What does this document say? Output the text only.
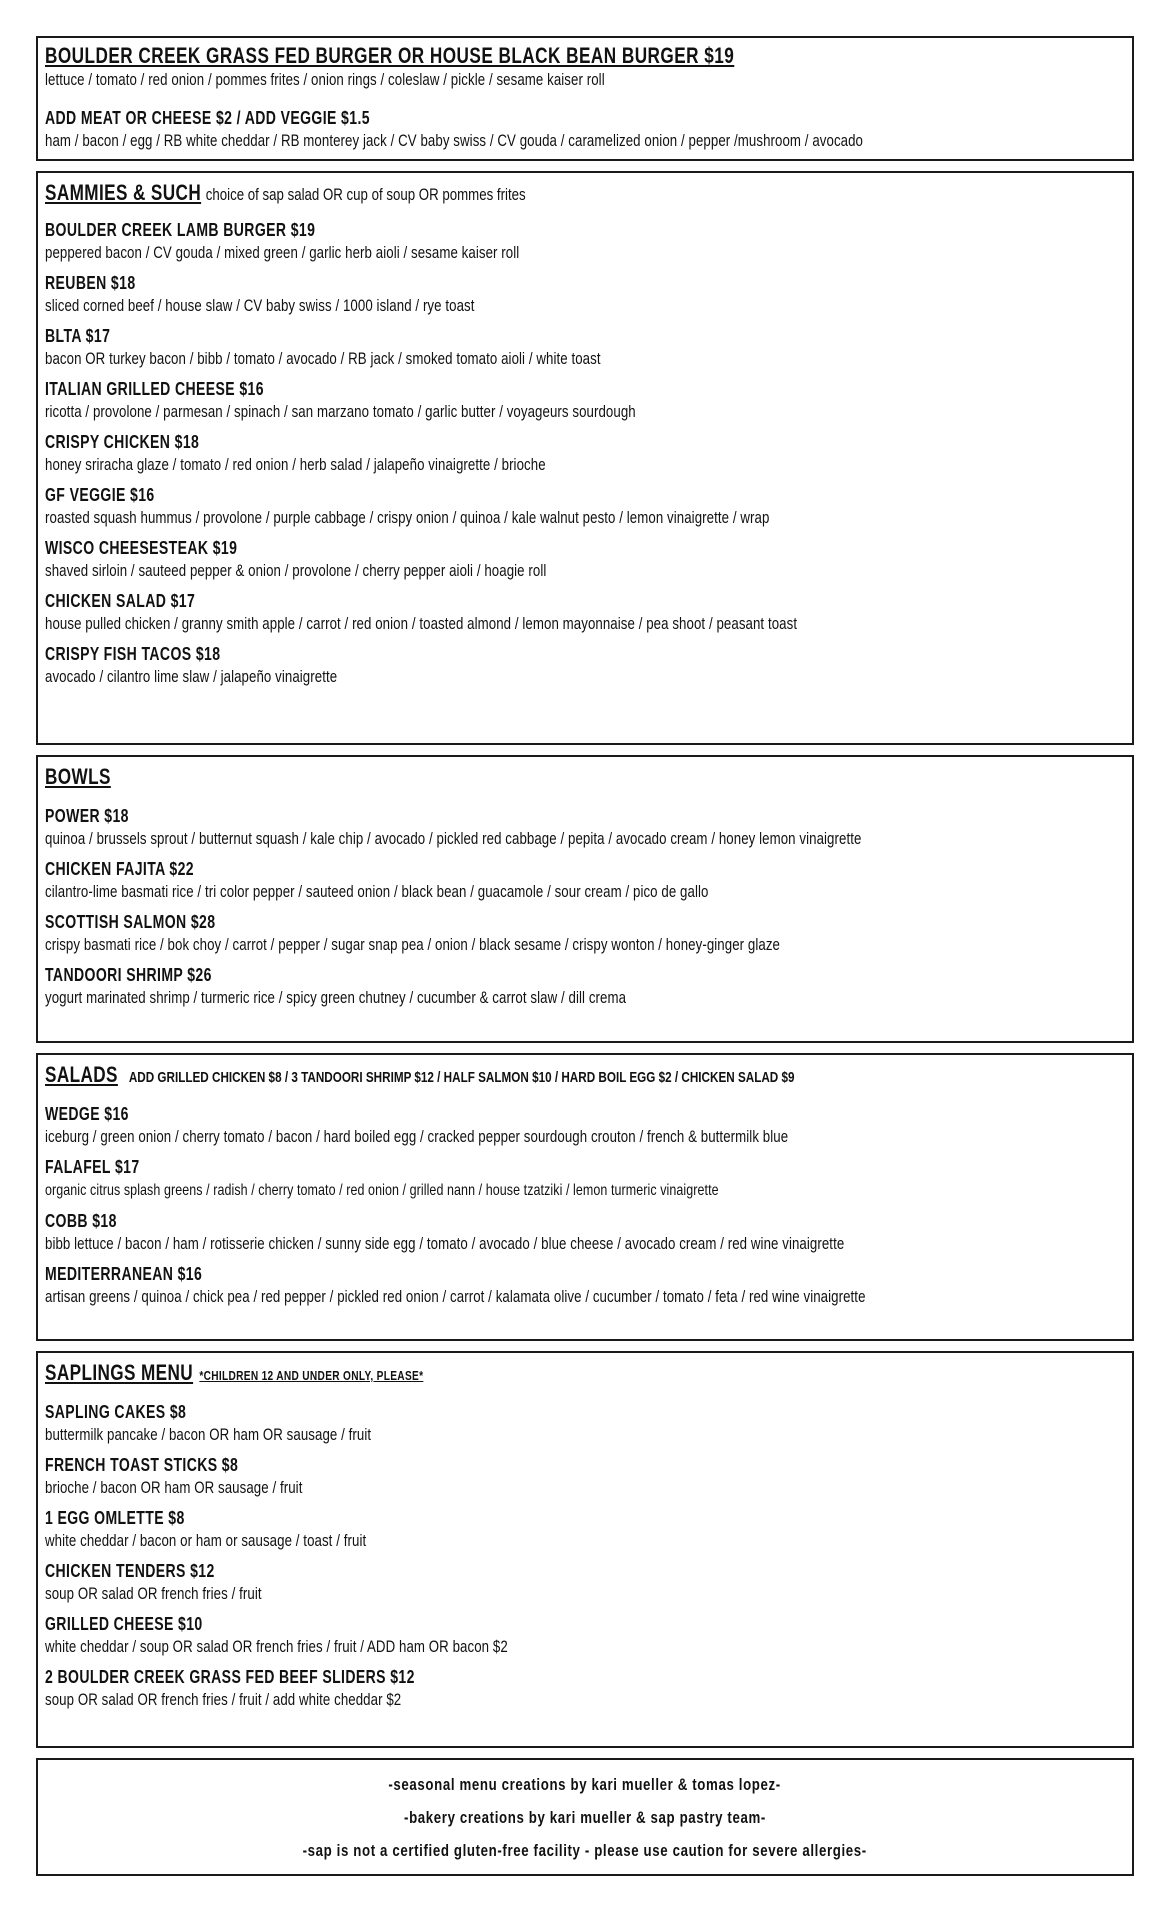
BOULDER CREEK GRASS FED BURGER OR HOUSE BLACK BEAN BURGER $19
lettuce / tomato / red onion / pommes frites / onion rings / coleslaw / pickle / sesame kaiser roll
ADD MEAT OR CHEESE $2 / ADD VEGGIE $1.5
ham / bacon / egg / RB white cheddar / RB monterey jack / CV baby swiss / CV gouda / caramelized onion / pepper /mushroom / avocado
SAMMIES & SUCH choice of sap salad OR cup of soup OR pommes frites
BOULDER CREEK LAMB BURGER $19
peppered bacon / CV gouda / mixed green / garlic herb aioli / sesame kaiser roll
REUBEN $18
sliced corned beef / house slaw / CV baby swiss / 1000 island / rye toast
BLTA $17
bacon OR turkey bacon / bibb / tomato / avocado / RB jack / smoked tomato aioli / white toast
ITALIAN GRILLED CHEESE $16
ricotta / provolone / parmesan / spinach / san marzano tomato / garlic butter / voyageurs sourdough
CRISPY CHICKEN $18
honey sriracha glaze / tomato / red onion / herb salad / jalapeño vinaigrette / brioche
GF VEGGIE $16
roasted squash hummus / provolone / purple cabbage / crispy onion / quinoa / kale walnut pesto / lemon vinaigrette / wrap
WISCO CHEESESTEAK $19
shaved sirloin / sauteed pepper & onion / provolone / cherry pepper aioli / hoagie roll
CHICKEN SALAD $17
house pulled chicken / granny smith apple / carrot / red onion / toasted almond / lemon mayonnaise / pea shoot / peasant toast
CRISPY FISH TACOS $18
avocado / cilantro lime slaw / jalapeño vinaigrette
BOWLS
POWER $18
quinoa / brussels sprout / butternut squash / kale chip / avocado / pickled red cabbage / pepita / avocado cream / honey lemon vinaigrette
CHICKEN FAJITA $22
cilantro-lime basmati rice / tri color pepper / sauteed onion / black bean / guacamole / sour cream / pico de gallo
SCOTTISH SALMON $28
crispy basmati rice / bok choy / carrot / pepper / sugar snap pea / onion / black sesame / crispy wonton / honey-ginger glaze
TANDOORI SHRIMP $26
yogurt marinated shrimp / turmeric rice / spicy green chutney / cucumber & carrot slaw / dill crema
SALADS ADD GRILLED CHICKEN $8 / 3 TANDOORI SHRIMP $12 / HALF SALMON $10 / HARD BOIL EGG $2 / CHICKEN SALAD $9
WEDGE $16
iceburg / green onion / cherry tomato / bacon / hard boiled egg / cracked pepper sourdough crouton / french & buttermilk blue
FALAFEL $17
organic citrus splash greens / radish / cherry tomato / red onion / grilled nann / house tzatziki / lemon turmeric vinaigrette
COBB $18
bibb lettuce / bacon / ham / rotisserie chicken / sunny side egg / tomato / avocado / blue cheese / avocado cream / red wine vinaigrette
MEDITERRANEAN $16
artisan greens / quinoa / chick pea / red pepper / pickled red onion / carrot / kalamata olive / cucumber / tomato / feta / red wine vinaigrette
SAPLINGS MENU *CHILDREN 12 AND UNDER ONLY, PLEASE*
SAPLING CAKES $8
buttermilk pancake / bacon OR ham OR sausage / fruit
FRENCH TOAST STICKS $8
brioche / bacon OR ham OR sausage / fruit
1 EGG OMLETTE $8
white cheddar / bacon or ham or sausage / toast / fruit
CHICKEN TENDERS $12
soup OR salad OR french fries / fruit
GRILLED CHEESE $10
white cheddar / soup OR salad OR french fries / fruit / ADD ham OR bacon $2
2 BOULDER CREEK GRASS FED BEEF SLIDERS $12
soup OR salad OR french fries / fruit / add white cheddar $2
-seasonal menu creations by kari mueller & tomas lopez-
-bakery creations by kari mueller & sap pastry team-
-sap is not a certified gluten-free facility - please use caution for severe allergies-
